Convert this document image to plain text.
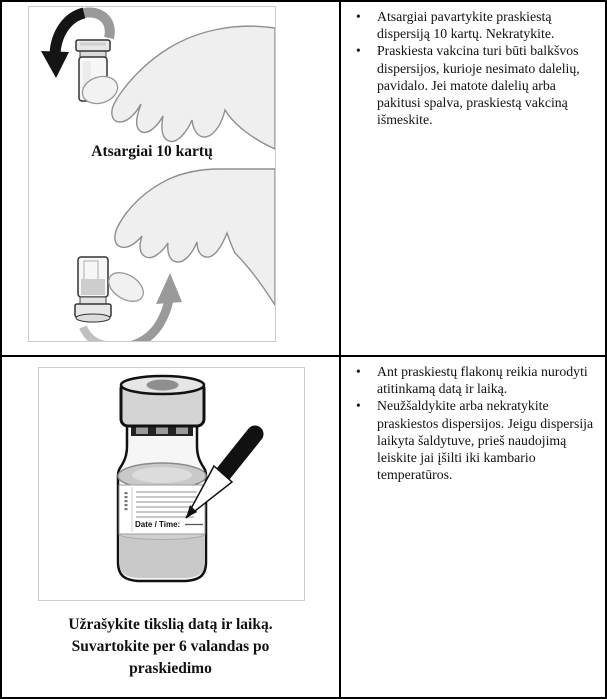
Atsargiai 10 kartų
•	Atsargiai pavartykite praskiestą dispersiją 10 kartų. Nekratykite.
•	Praskiesta vakcina turi būti balkšvos dispersijos, kurioje nesimato dalelių, pavidalo. Jei matote dalelių arba pakitusi spalva, praskiestą vakciną išmeskite.
Date / Time:
Užrašykite tikslią datą ir laiką.
Suvartokite per 6 valandas po praskiedimo
•	Ant praskiestų flakonų reikia nurodyti atitinkamą datą ir laiką.
•	Neužšaldykite arba nekratykite praskiestos dispersijos. Jeigu dispersija laikyta šaldytuve, prieš naudojimą leiskite jai įšilti iki kambario temperatūros.
